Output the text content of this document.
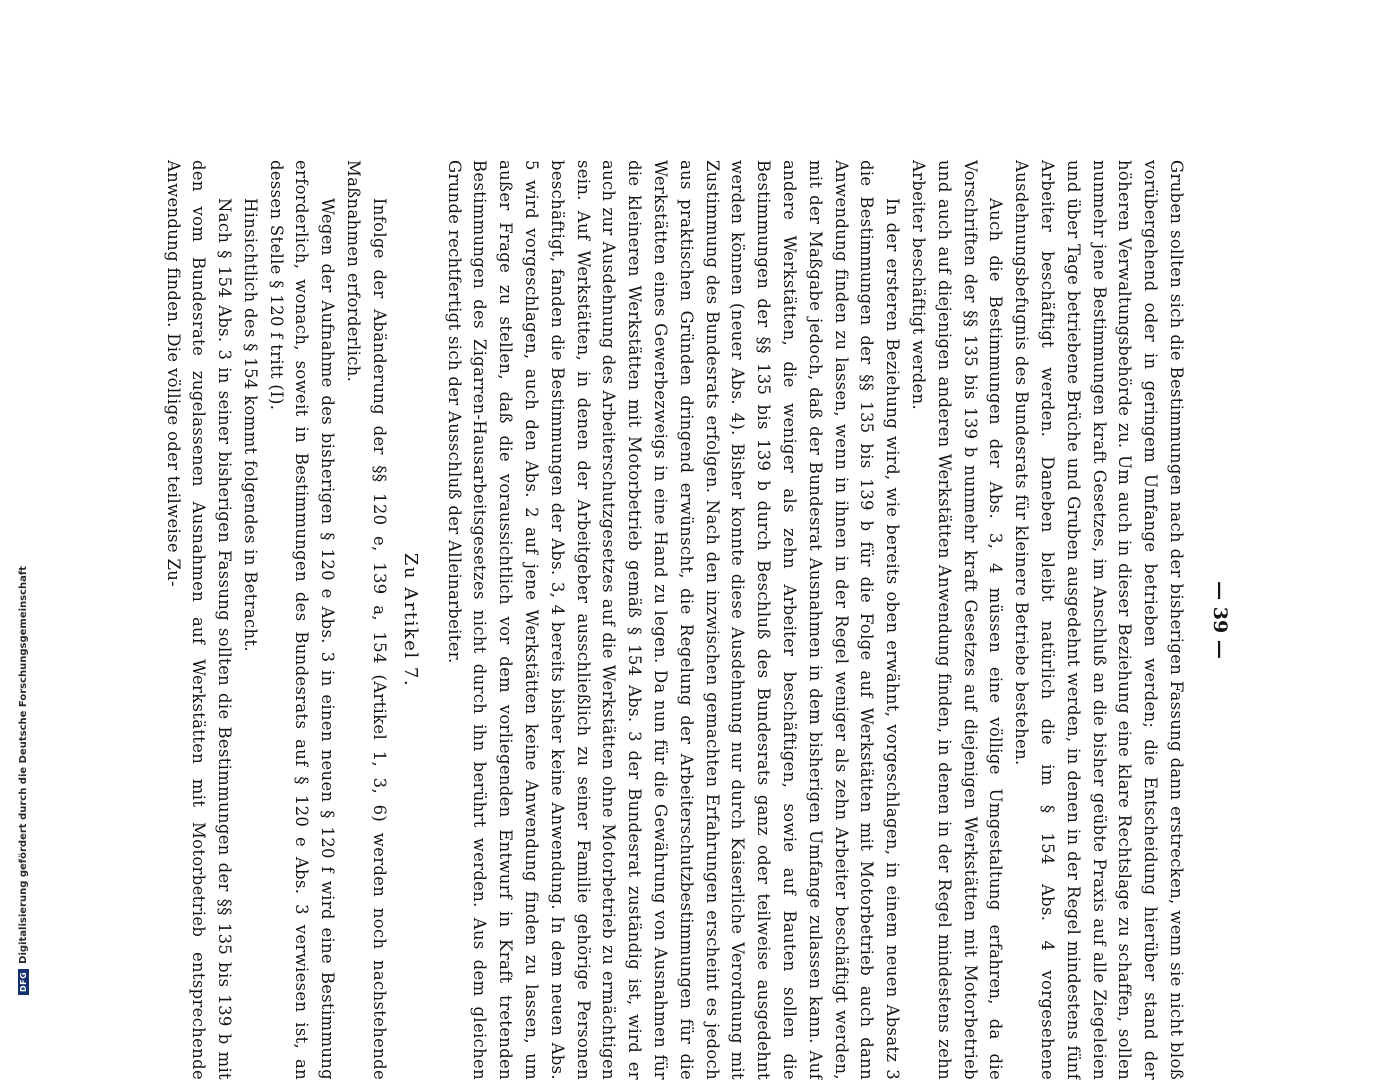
— 39 —

Gruben sollten sich die Bestimmungen nach der bisherigen Fassung dann erstrecken, wenn sie nicht bloß vorübergehend oder in geringem Umfange betrieben werden; die Entscheidung hierüber stand der höheren Verwaltungsbehörde zu. Um auch in dieser Beziehung eine klare Rechtslage zu schaffen, sollen nunmehr jene Bestimmungen kraft Gesetzes, im Anschluß an die bisher geübte Praxis auf alle Ziegeleien und über Tage betriebene Brüche und Gruben ausgedehnt werden, in denen in der Regel mindestens fünf Arbeiter beschäftigt werden. Daneben bleibt natürlich die im § 154 Abs. 4 vorgesehene Ausdehnungsbefugnis des Bundesrats für kleinere Betriebe bestehen.

Auch die Bestimmungen der Abs. 3, 4 müssen eine völlige Umgestaltung erfahren, da die Vorschriften der §§ 135 bis 139 b nunmehr kraft Gesetzes auf diejenigen Werkstätten mit Motorbetrieb und auch auf diejenigen anderen Werkstätten Anwendung finden, in denen in der Regel mindestens zehn Arbeiter beschäftigt werden.

In der ersteren Beziehung wird, wie bereits oben erwähnt, vorgeschlagen, in einem neuen Absatz 3 die Bestimmungen der §§ 135 bis 139 b für die Folge auf Werkstätten mit Motorbetrieb auch dann Anwendung finden zu lassen, wenn in ihnen in der Regel weniger als zehn Arbeiter beschäftigt werden, mit der Maßgabe jedoch, daß der Bundesrat Ausnahmen in dem bisherigen Umfange zulassen kann. Auf andere Werkstätten, die weniger als zehn Arbeiter beschäftigen, sowie auf Bauten sollen die Bestimmungen der §§ 135 bis 139 b durch Beschluß des Bundesrats ganz oder teilweise ausgedehnt werden können (neuer Abs. 4). Bisher konnte diese Ausdehnung nur durch Kaiserliche Verordnung mit Zustimmung des Bundesrats erfolgen. Nach den inzwischen gemachten Erfahrungen erscheint es jedoch aus praktischen Gründen dringend erwünscht, die Regelung der Arbeiterschutzbestimmungen für die Werkstätten eines Gewerbezweigs in eine Hand zu legen. Da nun für die Gewährung von Ausnahmen für die kleineren Werkstätten mit Motorbetrieb gemäß § 154 Abs. 3 der Bundesrat zuständig ist, wird er auch zur Ausdehnung des Arbeiterschutzgesetzes auf die Werkstätten ohne Motorbetrieb zu ermächtigen sein. Auf Werkstätten, in denen der Arbeitgeber ausschließlich zu seiner Familie gehörige Personen beschäftigt, fanden die Bestimmungen der Abs. 3, 4 bereits bisher keine Anwendung. In dem neuen Abs. 5 wird vorgeschlagen, auch den Abs. 2 auf jene Werkstätten keine Anwendung finden zu lassen, um außer Frage zu stellen, daß die voraussichtlich vor dem vorliegenden Entwurf in Kraft tretenden Bestimmungen des Zigarren-Hausarbeitsgesetzes nicht durch ihn berührt werden. Aus dem gleichen Grunde rechtfertigt sich der Ausschluß der Alleinarbeiter.

Zu Artikel 7.

Infolge der Abänderung der §§ 120 e, 139 a, 154 (Artikel 1, 3, 6) werden noch nachstehende Maßnahmen erforderlich.

Wegen der Aufnahme des bisherigen § 120 e Abs. 3 in einen neuen § 120 f wird eine Bestimmung erforderlich, wonach, soweit in Bestimmungen des Bundesrats auf § 120 e Abs. 3 verwiesen ist, an dessen Stelle § 120 f tritt (I).

Hinsichtlich des § 154 kommt folgendes in Betracht.

Nach § 154 Abs. 3 in seiner bisherigen Fassung sollten die Bestimmungen der §§ 135 bis 139 b mit den vom Bundesrate zugelassenen Ausnahmen auf Werkstätten mit Motorbetrieb entsprechende Anwendung finden. Die völlige oder teilweise Zu-

DFG
Digitalisierung gefördert durch die Deutsche Forschungsgemeinschaft
